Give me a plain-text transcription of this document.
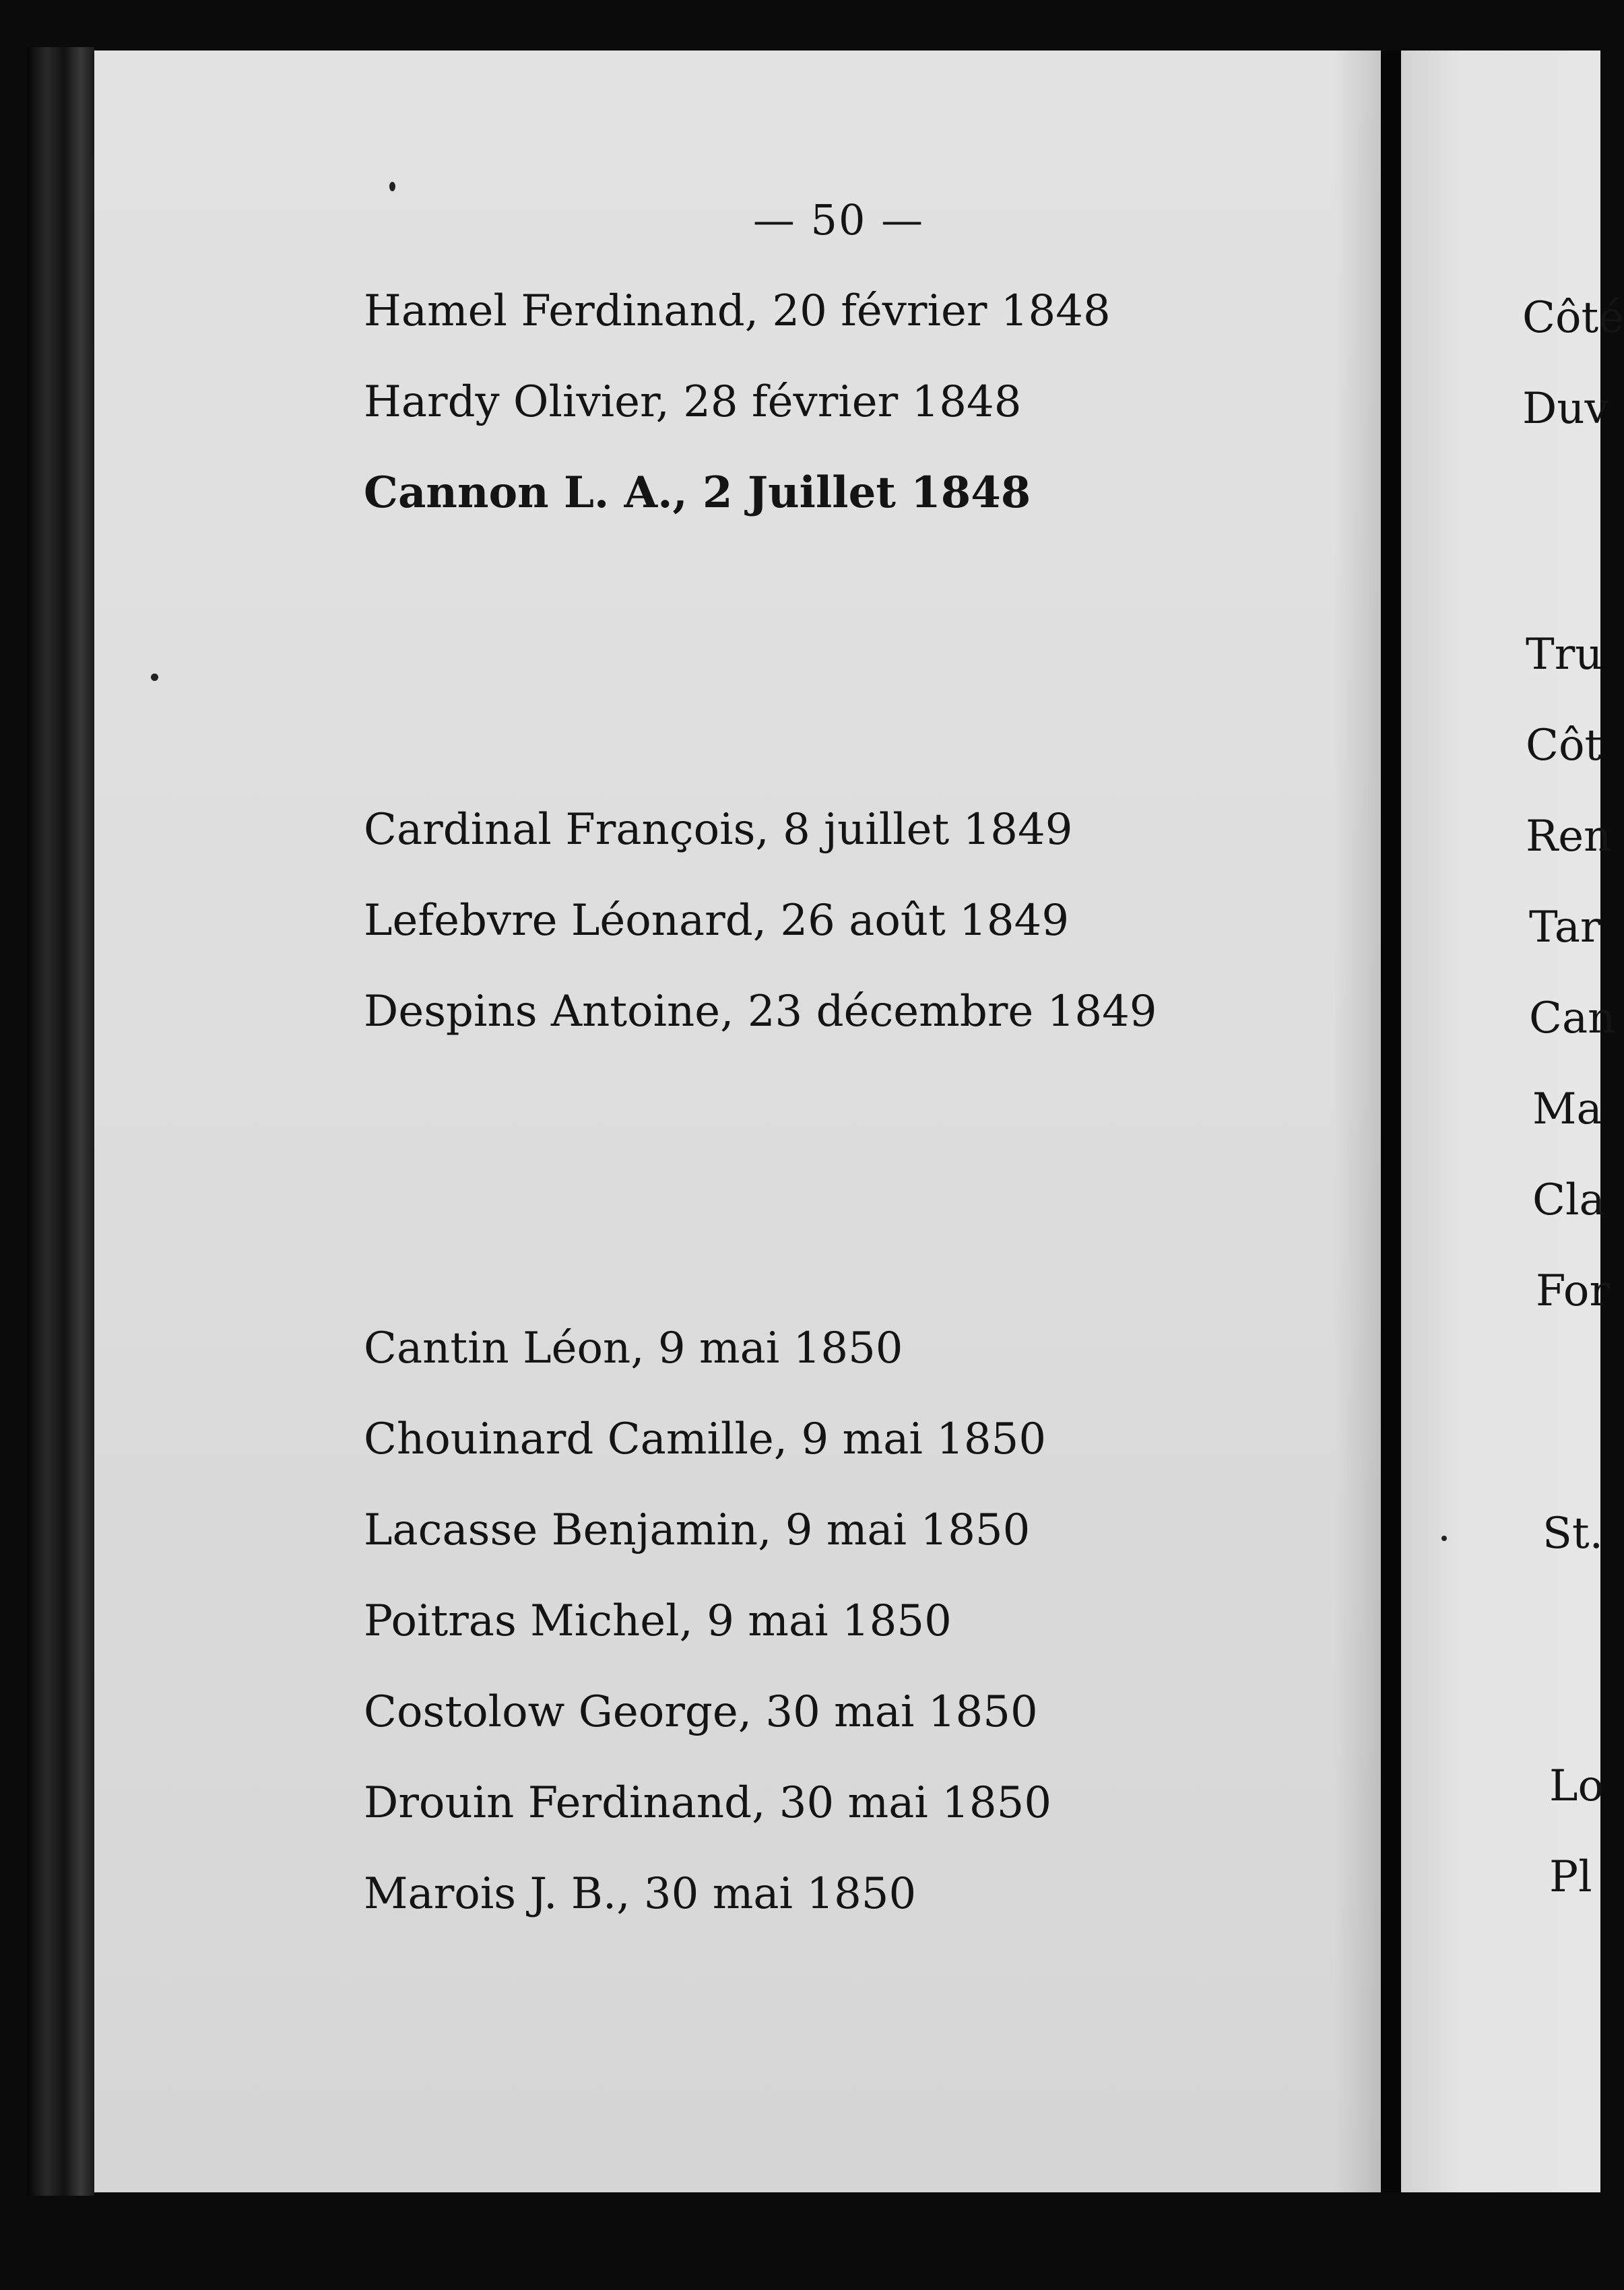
— 50 —
Hamel Ferdinand, 20 février 1848
Hardy Olivier, 28 février 1848
Cannon L. A., 2 Juillet 1848
Cardinal François, 8 juillet 1849
Lefebvre Léonard, 26 août 1849
Despins Antoine, 23 décembre 1849
Cantin Léon, 9 mai 1850
Chouinard Camille, 9 mai 1850
Lacasse Benjamin, 9 mai 1850
Poitras Michel, 9 mai 1850
Costolow George, 30 mai 1850
Drouin Ferdinand, 30 mai 1850
Marois J. B., 30 mai 1850
Côté
Duv
Tru
Côt
Ren
Tar
Can
Ma
Cla
For
St.
Lo
Pl
